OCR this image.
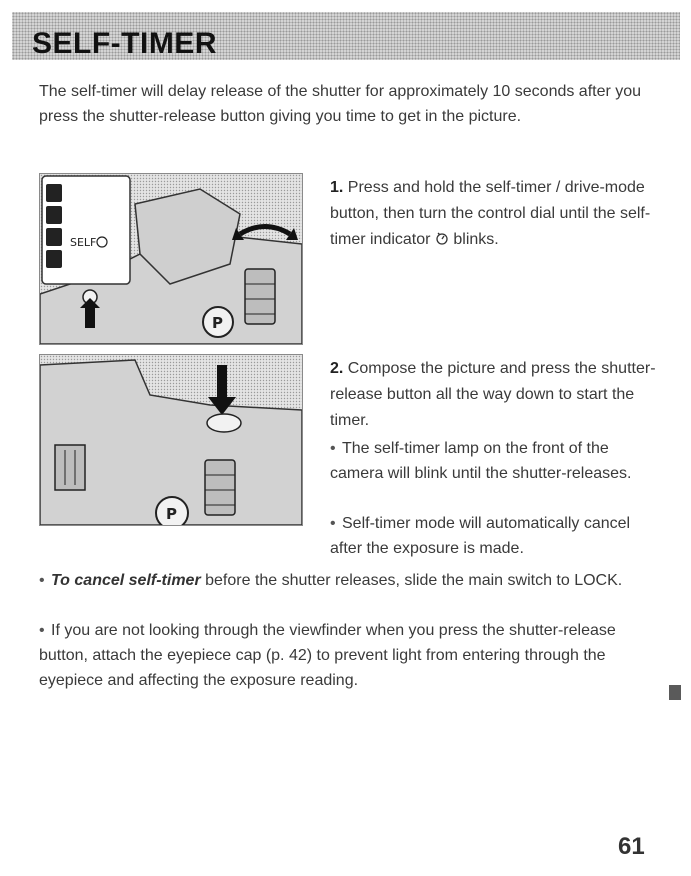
SELF-TIMER

The self-timer will delay release of the shutter for approximately 10 seconds after you press the shutter-release button giving you time to get in the picture.

SELF
P
P

1. Press and hold the self-timer / drive-mode button, then turn the control dial until the self-timer indicator  blinks.

2. Compose the picture and press the shutter-release button all the way down to start the timer.

• The self-timer lamp on the front of the camera will blink until the shutter-releases.

• Self-timer mode will automatically cancel after the exposure is made.

• To cancel self-timer before the shutter releases, slide the main switch to LOCK.

• If you are not looking through the viewfinder when you press the shutter-release button, attach the eyepiece cap (p. 42) to prevent light from entering through the eyepiece and affecting the exposure reading.

61
